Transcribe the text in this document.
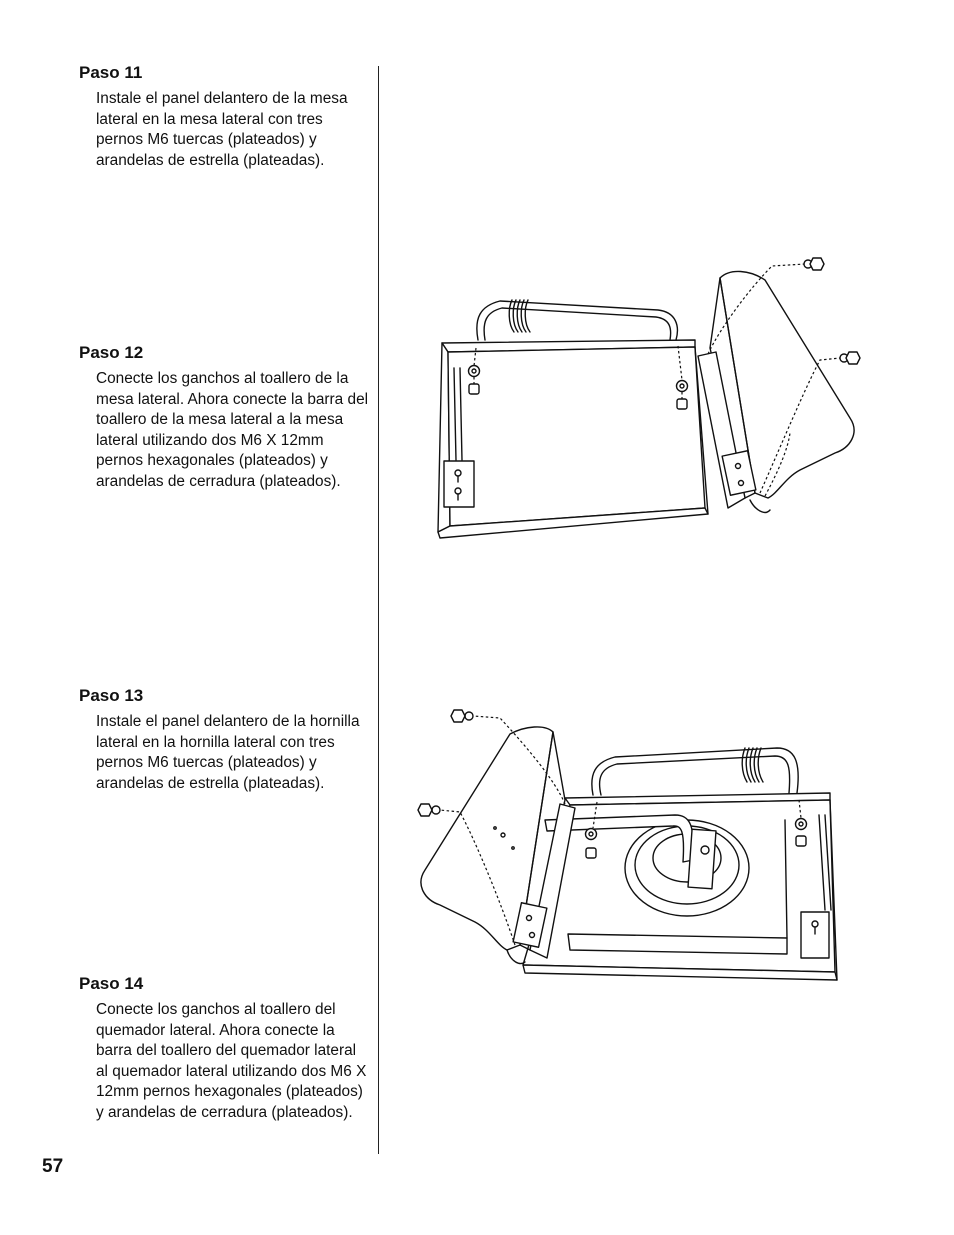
Paso 11

Instale el panel delantero de la mesa lateral en la mesa lateral con tres pernos M6 tuercas (plateados) y arandelas de estrella (plateadas).

Paso 12

Conecte los ganchos al toallero de la mesa lateral. Ahora conecte la barra del toallero de la mesa lateral a la mesa lateral utilizando dos M6 X 12mm pernos hexagonales (plateados) y arandelas de cerradura (plateados).

Paso 13

Instale el panel delantero de la hornilla lateral en la hornilla lateral con tres pernos M6 tuercas (plateados) y arandelas de estrella (plateadas).

Paso 14

Conecte los ganchos al toallero del quemador lateral. Ahora conecte la barra del toallero del quemador lateral al quemador lateral utilizando dos M6 X 12mm pernos hexagonales (plateados) y arandelas de cerradura (plateados).

57
